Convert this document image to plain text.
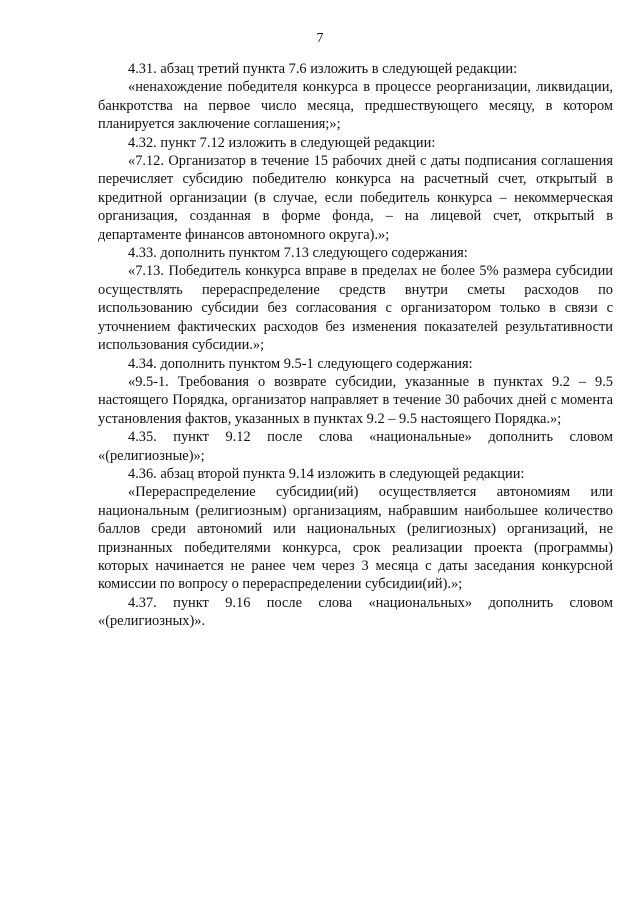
7

4.31. абзац третий пункта 7.6 изложить в следующей редакции:

«ненахождение победителя конкурса в процессе реорганизации, ликвидации, банкротства на первое число месяца, предшествующего месяцу, в котором планируется заключение соглашения;»;

4.32. пункт 7.12 изложить в следующей редакции:

«7.12. Организатор в течение 15 рабочих дней с даты подписания соглашения перечисляет субсидию победителю конкурса на расчетный счет, открытый в кредитной организации (в случае, если победитель конкурса – некоммерческая организация, созданная в форме фонда, – на лицевой счет, открытый в департаменте финансов автономного округа).»;

4.33. дополнить пунктом 7.13 следующего содержания:

«7.13. Победитель конкурса вправе в пределах не более 5% размера субсидии осуществлять перераспределение средств внутри сметы расходов по использованию субсидии без согласования с организатором только в связи с уточнением фактических расходов без изменения показателей результативности использования субсидии.»;

4.34. дополнить пунктом 9.5-1 следующего содержания:

«9.5-1. Требования о возврате субсидии, указанные в пунктах 9.2 – 9.5 настоящего Порядка, организатор направляет в течение 30 рабочих дней с момента установления фактов, указанных в пунктах 9.2 – 9.5 настоящего Порядка.»;

4.35. пункт 9.12 после слова «национальные» дополнить словом «(религиозные)»;

4.36. абзац второй пункта 9.14 изложить в следующей редакции:

«Перераспределение субсидии(ий) осуществляется автономиям или национальным (религиозным) организациям, набравшим наибольшее количество баллов среди автономий или национальных (религиозных) организаций, не признанных победителями конкурса, срок реализации проекта (программы) которых начинается не ранее чем через 3 месяца с даты заседания конкурсной комиссии по вопросу о перераспределении субсидии(ий).»;

4.37. пункт 9.16 после слова «национальных» дополнить словом «(религиозных)».
